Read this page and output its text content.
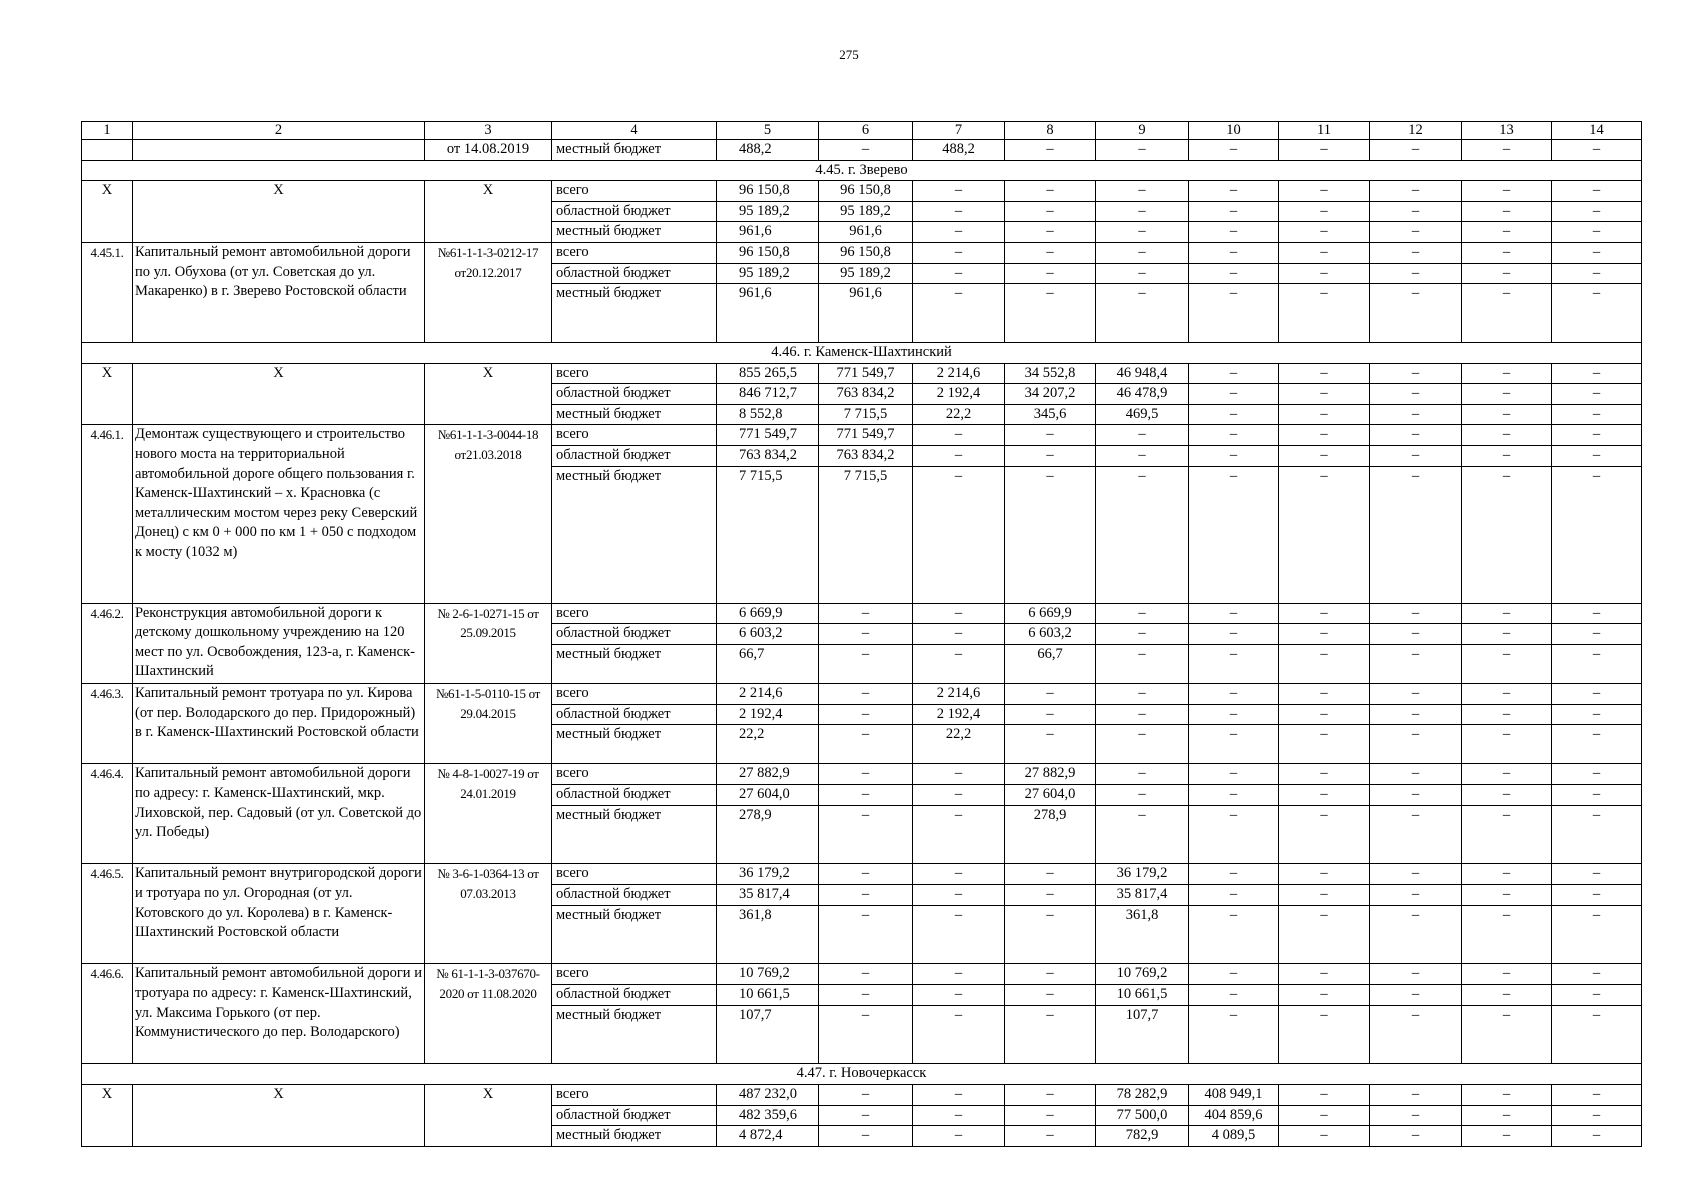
275
1	2	3	4	5	6	7	8	9	10	11	12	13	14
		от 14.08.2019	местный бюджет	488,2	–	488,2	–	–	–	–	–	–	–
4.45. г. Зверево													
X	X	X	всего	96 150,8	96 150,8	–	–	–	–	–	–	–	–
			областной бюджет	95 189,2	95 189,2	–	–	–	–	–	–	–	–
			местный бюджет	961,6	961,6	–	–	–	–	–	–	–	–
4.45.1.	Капитальный ремонт автомобильной дороги по ул. Обухова (от ул. Советская до ул. Макаренко) в г. Зверево Ростовской области	№61-1-1-3-0212-17 от20.12.2017	всего	96 150,8	96 150,8	–	–	–	–	–	–	–	–
			областной бюджет	95 189,2	95 189,2	–	–	–	–	–	–	–	–
			местный бюджет	961,6	961,6	–	–	–	–	–	–	–	–
4.46. г. Каменск-Шахтинский													
X	X	X	всего	855 265,5	771 549,7	2 214,6	34 552,8	46 948,4	–	–	–	–	–
			областной бюджет	846 712,7	763 834,2	2 192,4	34 207,2	46 478,9	–	–	–	–	–
			местный бюджет	8 552,8	7 715,5	22,2	345,6	469,5	–	–	–	–	–
4.46.1.	Демонтаж существующего и строительство нового моста на территориальной автомобильной дороге общего пользования г. Каменск-Шахтинский – х. Красновка (с металлическим мостом через реку Северский Донец) с км 0 + 000 по км 1 + 050 с подходом к мосту (1032 м)	№61-1-1-3-0044-18 от21.03.2018	всего	771 549,7	771 549,7	–	–	–	–	–	–	–	–
			областной бюджет	763 834,2	763 834,2	–	–	–	–	–	–	–	–
			местный бюджет	7 715,5	7 715,5	–	–	–	–	–	–	–	–
4.46.2.	Реконструкция автомобильной дороги к детскому дошкольному учреждению на 120 мест по ул. Освобождения, 123-а, г. Каменск-Шахтинский	№ 2-6-1-0271-15 от 25.09.2015	всего	6 669,9	–	–	6 669,9	–	–	–	–	–	–
			областной бюджет	6 603,2	–	–	6 603,2	–	–	–	–	–	–
			местный бюджет	66,7	–	–	66,7	–	–	–	–	–	–
4.46.3.	Капитальный ремонт тротуара по ул. Кирова (от пер. Володарского до пер. Придорожный) в г. Каменск-Шахтинский Ростовской области	№61-1-5-0110-15 от 29.04.2015	всего	2 214,6	–	2 214,6	–	–	–	–	–	–	–
			областной бюджет	2 192,4	–	2 192,4	–	–	–	–	–	–	–
			местный бюджет	22,2	–	22,2	–	–	–	–	–	–	–
4.46.4.	Капитальный ремонт автомобильной дороги по адресу: г. Каменск-Шахтинский, мкр. Лиховской, пер. Садовый (от ул. Советской до ул. Победы)	№ 4-8-1-0027-19 от 24.01.2019	всего	27 882,9	–	–	27 882,9	–	–	–	–	–	–
			областной бюджет	27 604,0	–	–	27 604,0	–	–	–	–	–	–
			местный бюджет	278,9	–	–	278,9	–	–	–	–	–	–
4.46.5.	Капитальный ремонт внутригородской дороги и тротуара по ул. Огородная (от ул. Котовского до ул. Королева) в г. Каменск-Шахтинский Ростовской области	№ 3-6-1-0364-13 от 07.03.2013	всего	36 179,2	–	–	–	36 179,2	–	–	–	–	–
			областной бюджет	35 817,4	–	–	–	35 817,4	–	–	–	–	–
			местный бюджет	361,8	–	–	–	361,8	–	–	–	–	–
4.46.6.	Капитальный ремонт автомобильной дороги и тротуара по адресу: г. Каменск-Шахтинский, ул. Максима Горького (от пер. Коммунистического до пер. Володарского)	№ 61-1-1-3-037670-2020 от 11.08.2020	всего	10 769,2	–	–	–	10 769,2	–	–	–	–	–
			областной бюджет	10 661,5	–	–	–	10 661,5	–	–	–	–	–
			местный бюджет	107,7	–	–	–	107,7	–	–	–	–	–
4.47. г. Новочеркасск													
X	X	X	всего	487 232,0	–	–	–	78 282,9	408 949,1	–	–	–	–
			областной бюджет	482 359,6	–	–	–	77 500,0	404 859,6	–	–	–	–
			местный бюджет	4 872,4	–	–	–	782,9	4 089,5	–	–	–	–
